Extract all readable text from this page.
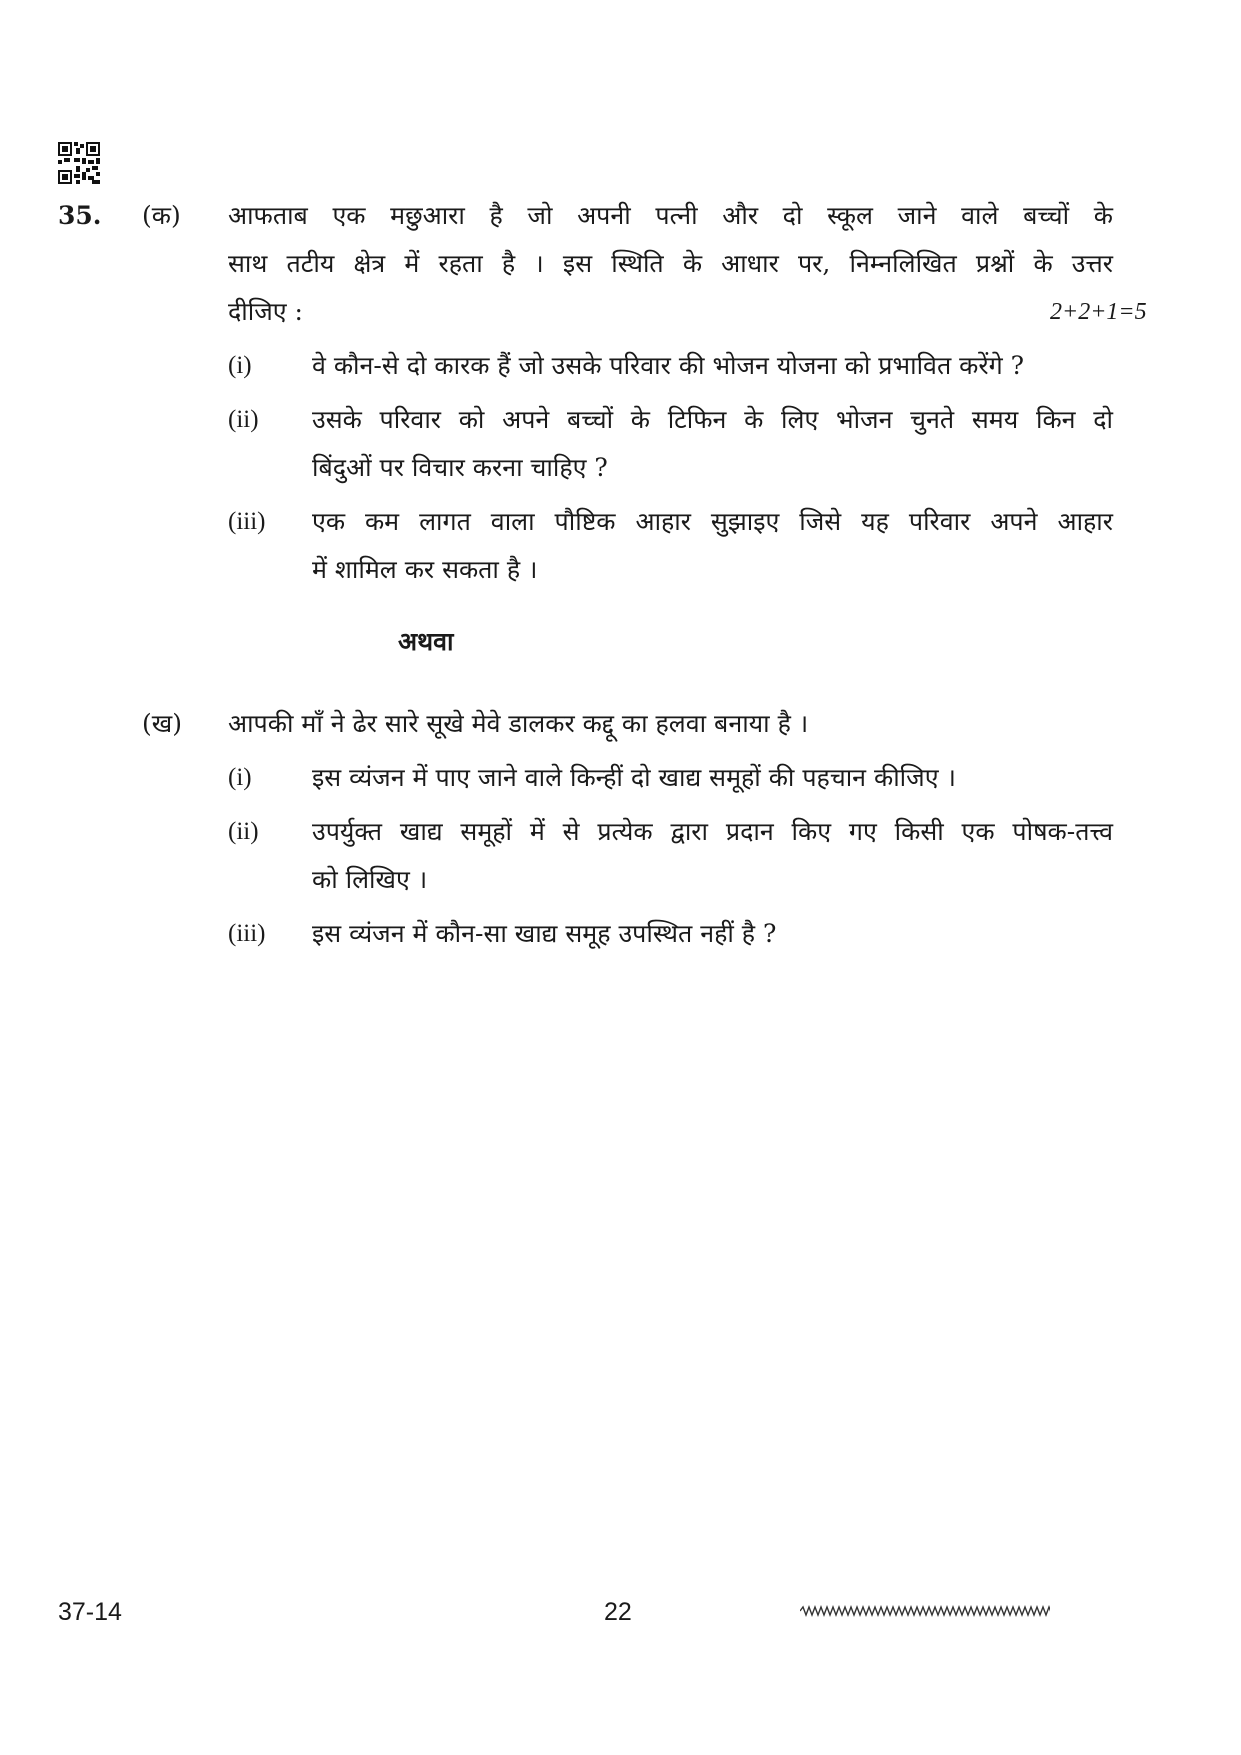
35. (क) आफताब एक मछुआरा है जो अपनी पत्नी और दो स्कूल जाने वाले बच्चों के
साथ तटीय क्षेत्र में रहता है । इस स्थिति के आधार पर, निम्नलिखित प्रश्नों के उत्तर
दीजिए :	2+2+1=5
(i) वे कौन-से दो कारक हैं जो उसके परिवार की भोजन योजना को प्रभावित करेंगे ?
(ii) उसके परिवार को अपने बच्चों के टिफिन के लिए भोजन चुनते समय किन दो
बिंदुओं पर विचार करना चाहिए ?
(iii) एक कम लागत वाला पौष्टिक आहार सुझाइए जिसे यह परिवार अपने आहार
में शामिल कर सकता है ।
अथवा
(ख) आपकी माँ ने ढेर सारे सूखे मेवे डालकर कद्दू का हलवा बनाया है ।
(i) इस व्यंजन में पाए जाने वाले किन्हीं दो खाद्य समूहों की पहचान कीजिए ।
(ii) उपर्युक्त खाद्य समूहों में से प्रत्येक द्वारा प्रदान किए गए किसी एक पोषक-तत्त्व
को लिखिए ।
(iii) इस व्यंजन में कौन-सा खाद्य समूह उपस्थित नहीं है ?
37-14	22
